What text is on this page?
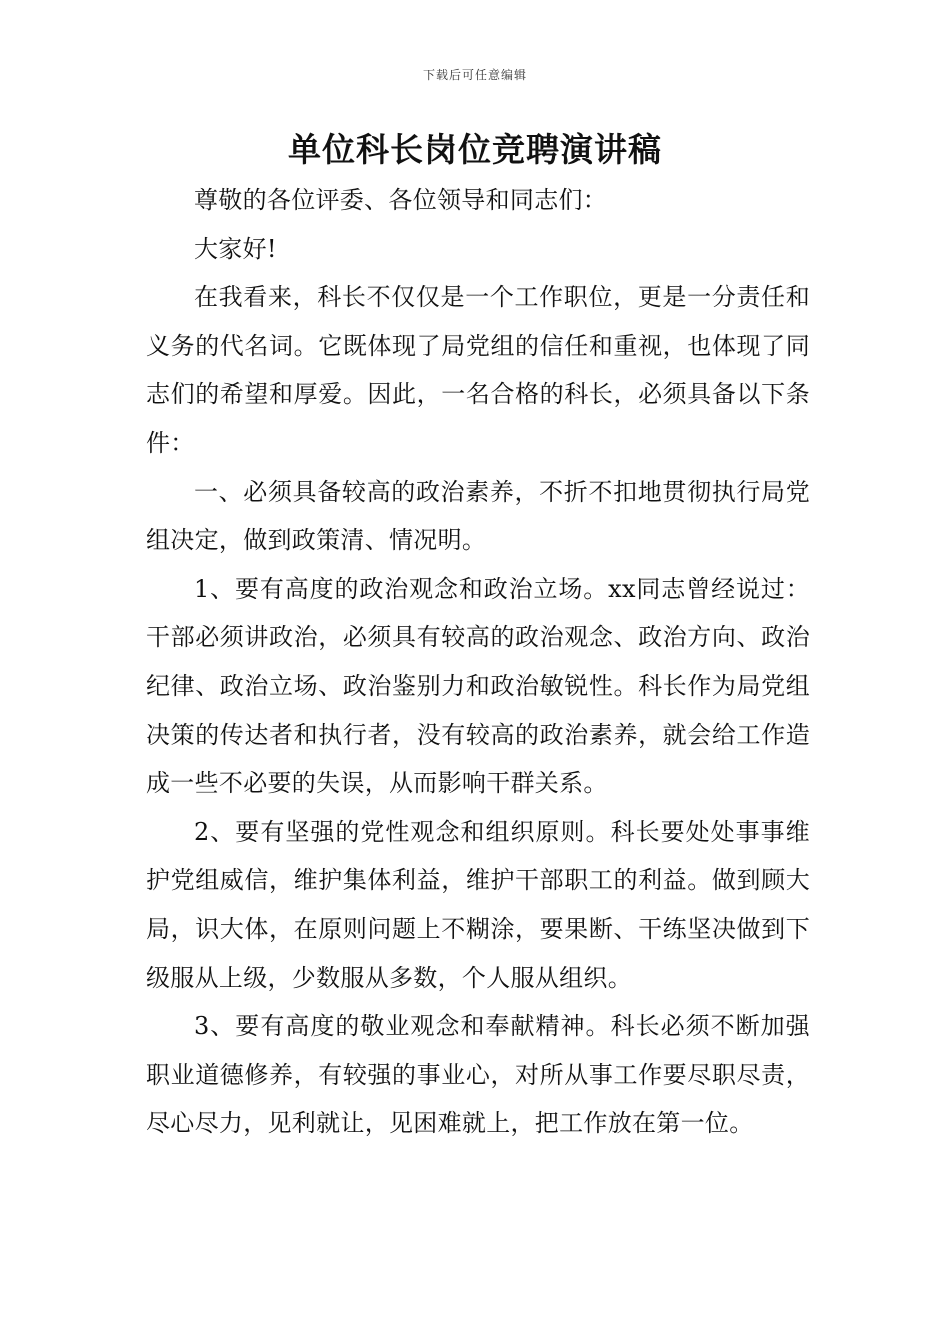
下载后可任意编辑
单位科长岗位竞聘演讲稿

尊敬的各位评委、各位领导和同志们：

大家好!

在我看来，科长不仅仅是一个工作职位，更是一分责任和义务的代名词。它既体现了局党组的信任和重视，也体现了同志们的希望和厚爱。因此，一名合格的科长，必须具备以下条件：

一、必须具备较高的政治素养，不折不扣地贯彻执行局党组决定，做到政策清、情况明。

1、要有高度的政治观念和政治立场。xx同志曾经说过：干部必须讲政治，必须具有较高的政治观念、政治方向、政治纪律、政治立场、政治鉴别力和政治敏锐性。科长作为局党组决策的传达者和执行者，没有较高的政治素养，就会给工作造成一些不必要的失误，从而影响干群关系。

2、要有坚强的党性观念和组织原则。科长要处处事事维护党组威信，维护集体利益，维护干部职工的利益。做到顾大局，识大体，在原则问题上不糊涂，要果断、干练坚决做到下级服从上级，少数服从多数，个人服从组织。

3、要有高度的敬业观念和奉献精神。科长必须不断加强职业道德修养，有较强的事业心，对所从事工作要尽职尽责，尽心尽力，见利就让，见困难就上，把工作放在第一位。
